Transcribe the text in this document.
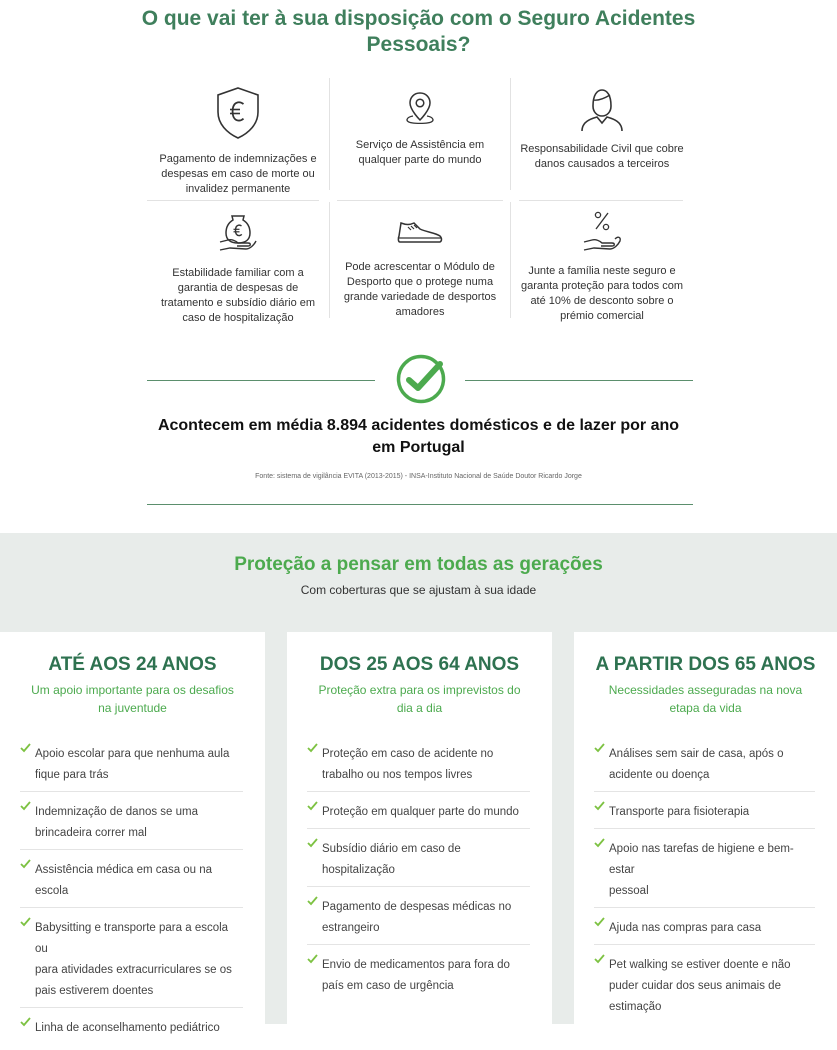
O que vai ter à sua disposição com o Seguro Acidentes
Pessoais?
Pagamento de indemnizações e
despesas em caso de morte ou
invalidez permanente
Serviço de Assistência em
qualquer parte do mundo
Responsabilidade Civil que cobre
danos causados a terceiros
Estabilidade familiar com a
garantia de despesas de
tratamento e subsídio diário em
caso de hospitalização
Pode acrescentar o Módulo de
Desporto que o protege numa
grande variedade de desportos
amadores
Junte a família neste seguro e
garanta proteção para todos com
até 10% de desconto sobre o
prémio comercial
Acontecem em média 8.894 acidentes domésticos e de lazer por ano
em Portugal
Fonte: sistema de vigilância EVITA (2013-2015) - INSA-Instituto Nacional de Saúde Doutor Ricardo Jorge
Proteção a pensar em todas as gerações
Com coberturas que se ajustam à sua idade
ATÉ AOS 24 ANOS
Um apoio importante para os desafios
na juventude
Apoio escolar para que nenhuma aula
fique para trás
Indemnização de danos se uma
brincadeira correr mal
Assistência médica em casa ou na escola
Babysitting e transporte para a escola ou
para atividades extracurriculares se os
pais estiverem doentes
Linha de aconselhamento pediátrico
DOS 25 AOS 64 ANOS
Proteção extra para os imprevistos do
dia a dia
Proteção em caso de acidente no
trabalho ou nos tempos livres
Proteção em qualquer parte do mundo
Subsídio diário em caso de
hospitalização
Pagamento de despesas médicas no
estrangeiro
Envio de medicamentos para fora do
país em caso de urgência
A PARTIR DOS 65 ANOS
Necessidades asseguradas na nova
etapa da vida
Análises sem sair de casa, após o
acidente ou doença
Transporte para fisioterapia
Apoio nas tarefas de higiene e bem-estar
pessoal
Ajuda nas compras para casa
Pet walking se estiver doente e não
puder cuidar dos seus animais de
estimação
